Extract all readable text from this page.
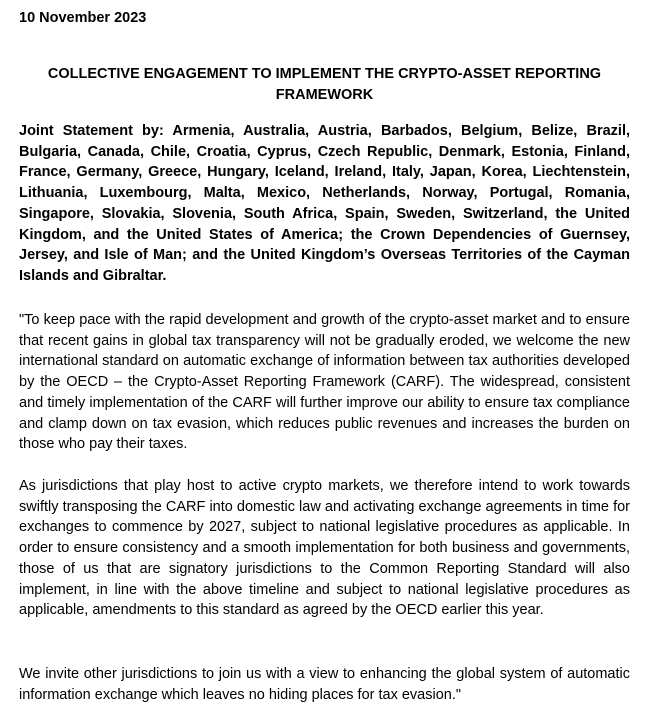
10 November 2023

COLLECTIVE ENGAGEMENT TO IMPLEMENT THE CRYPTO-ASSET REPORTING FRAMEWORK

Joint Statement by: Armenia, Australia, Austria, Barbados, Belgium, Belize, Brazil, Bulgaria, Canada, Chile, Croatia, Cyprus, Czech Republic, Denmark, Estonia, Finland, France, Germany, Greece, Hungary, Iceland, Ireland, Italy, Japan, Korea, Liechtenstein, Lithuania, Luxembourg, Malta, Mexico, Netherlands, Norway, Portugal, Romania, Singapore, Slovakia, Slovenia, South Africa, Spain, Sweden, Switzerland, the United Kingdom, and the United States of America; the Crown Dependencies of Guernsey, Jersey, and Isle of Man; and the United Kingdom’s Overseas Territories of the Cayman Islands and Gibraltar.

"To keep pace with the rapid development and growth of the crypto-asset market and to ensure that recent gains in global tax transparency will not be gradually eroded, we welcome the new international standard on automatic exchange of information between tax authorities developed by the OECD – the Crypto-Asset Reporting Framework (CARF). The widespread, consistent and timely implementation of the CARF will further improve our ability to ensure tax compliance and clamp down on tax evasion, which reduces public revenues and increases the burden on those who pay their taxes.

As jurisdictions that play host to active crypto markets, we therefore intend to work towards swiftly transposing the CARF into domestic law and activating exchange agreements in time for exchanges to commence by 2027, subject to national legislative procedures as applicable. In order to ensure consistency and a smooth implementation for both business and governments, those of us that are signatory jurisdictions to the Common Reporting Standard will also implement, in line with the above timeline and subject to national legislative procedures as applicable, amendments to this standard as agreed by the OECD earlier this year.

We invite other jurisdictions to join us with a view to enhancing the global system of automatic information exchange which leaves no hiding places for tax evasion."
